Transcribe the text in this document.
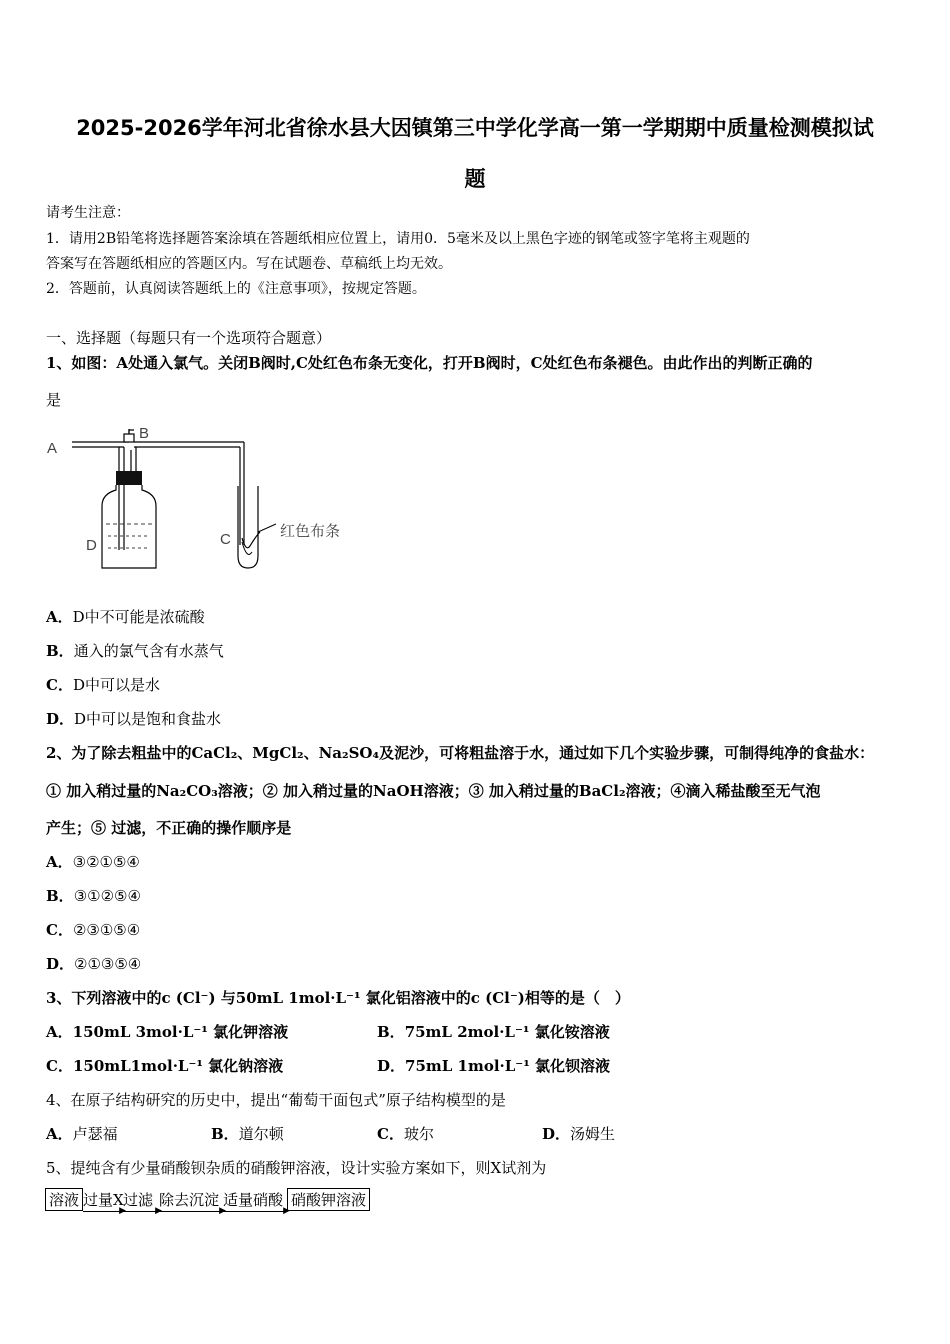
2025-2026学年河北省徐水县大因镇第三中学化学高一第一学期期中质量检测模拟试
题
请考生注意：
1．请用2B铅笔将选择题答案涂填在答题纸相应位置上，请用0．5毫米及以上黑色字迹的钢笔或签字笔将主观题的
答案写在答题纸相应的答题区内。写在试题卷、草稿纸上均无效。
2．答题前，认真阅读答题纸上的《注意事项》，按规定答题。
一、选择题（每题只有一个选项符合题意）
1、如图：A处通入氯气。关闭B阀时,C处红色布条无变化，打开B阀时，C处红色布条褪色。由此作出的判断正确的
是
A
B
D	C	红色布条
A．D中不可能是浓硫酸
B．通入的氯气含有水蒸气
C．D中可以是水
D．D中可以是饱和食盐水
2、为了除去粗盐中的CaCl₂、MgCl₂、Na₂SO₄及泥沙，可将粗盐溶于水，通过如下几个实验步骤，可制得纯净的食盐水：
① 加入稍过量的Na₂CO₃溶液；② 加入稍过量的NaOH溶液；③ 加入稍过量的BaCl₂溶液；④滴入稀盐酸至无气泡
产生；⑤ 过滤，不正确的操作顺序是
A．③②①⑤④
B．③①②⑤④
C．②③①⑤④
D．②①③⑤④
3、下列溶液中的c (Cl⁻) 与50mL 1mol·L⁻¹ 氯化铝溶液中的c (Cl⁻)相等的是（　）
A．150mL 3mol·L⁻¹ 氯化钾溶液	B．75mL 2mol·L⁻¹ 氯化铵溶液
C．150mL1mol·L⁻¹ 氯化钠溶液	D．75mL 1mol·L⁻¹ 氯化钡溶液
4、在原子结构研究的历史中，提出“葡萄干面包式”原子结构模型的是
A．卢瑟福	B．道尔顿	C．玻尔	D．汤姆生
5、提纯含有少量硝酸钡杂质的硝酸钾溶液，设计实验方案如下，则X试剂为
溶液 过量X
▶
过滤
▶
除去沉淀
▶
适量硝酸
▶
硝酸钾溶液
